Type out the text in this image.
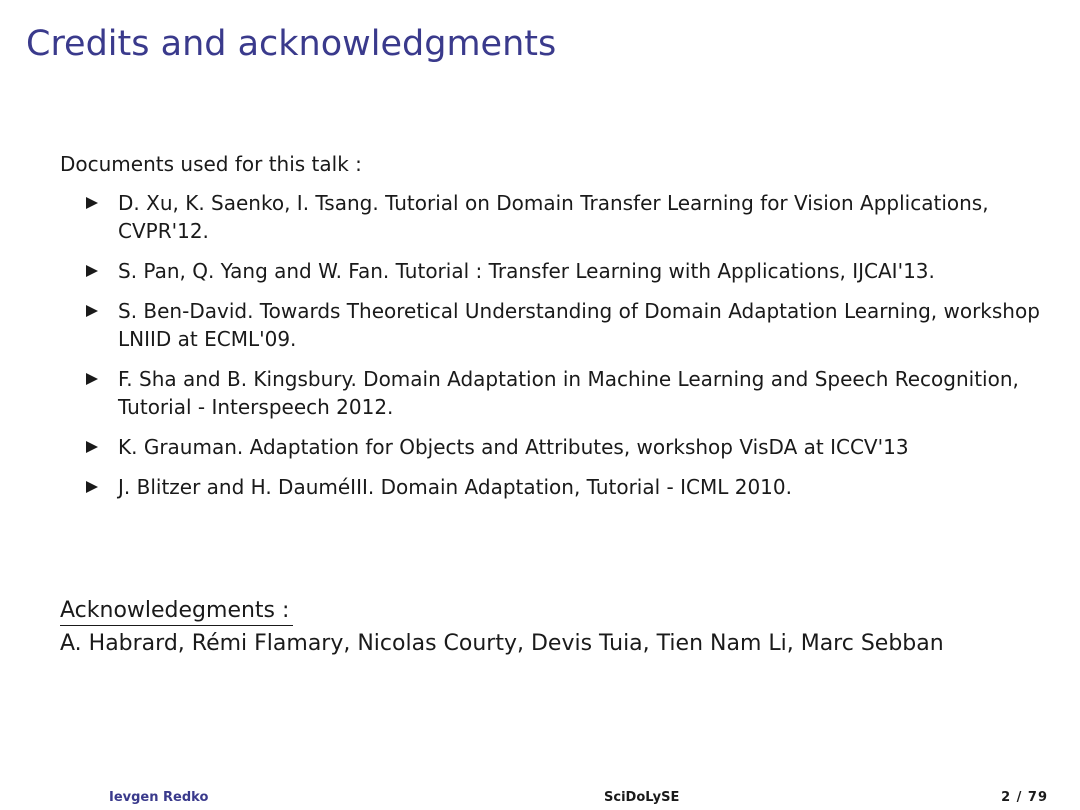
Credits and acknowledgments

Documents used for this talk :

D. Xu, K. Saenko, I. Tsang. Tutorial on Domain Transfer Learning for Vision Applications, CVPR'12.
S. Pan, Q. Yang and W. Fan. Tutorial : Transfer Learning with Applications, IJCAI'13.
S. Ben-David. Towards Theoretical Understanding of Domain Adaptation Learning, workshop LNIID at ECML'09.
F. Sha and B. Kingsbury. Domain Adaptation in Machine Learning and Speech Recognition, Tutorial - Interspeech 2012.
K. Grauman. Adaptation for Objects and Attributes, workshop VisDA at ICCV'13
J. Blitzer and H. DauméIII. Domain Adaptation, Tutorial - ICML 2010.

Acknowledegments :

A. Habrard, Rémi Flamary, Nicolas Courty, Devis Tuia, Tien Nam Li, Marc Sebban

Ievgen Redko	SciDoLySE	2 / 79
